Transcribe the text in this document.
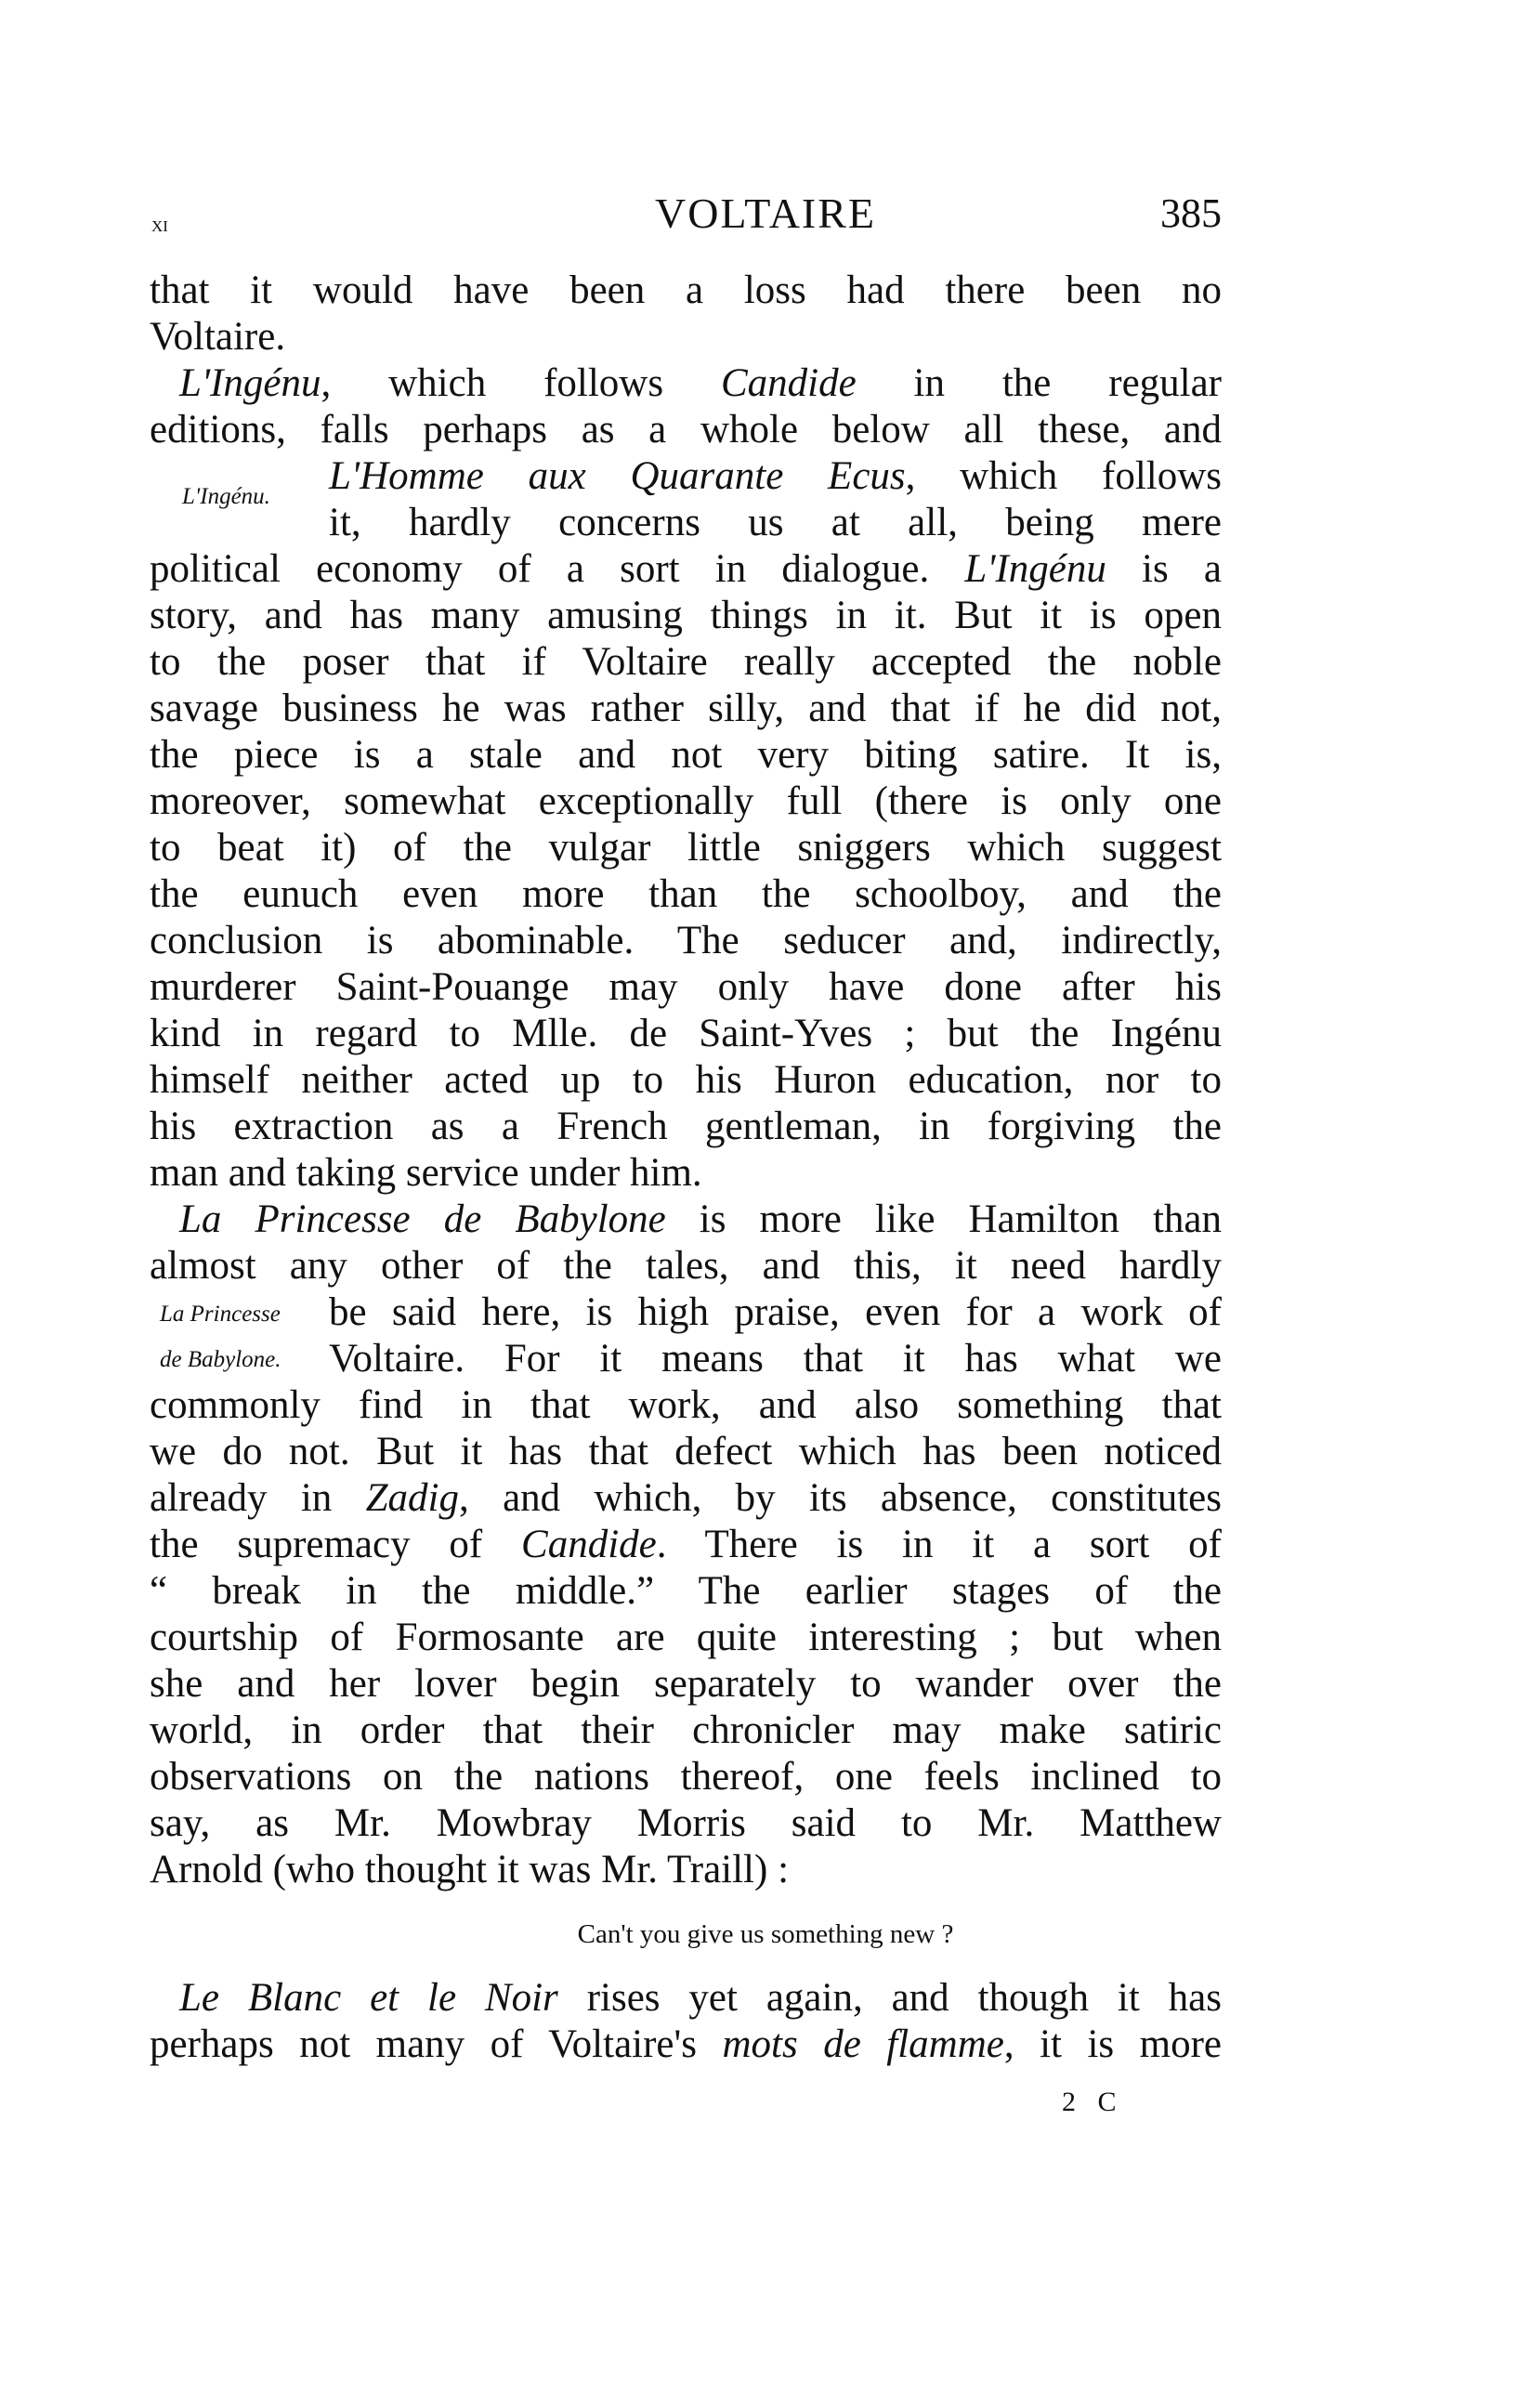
xi	VOLTAIRE	385
that it would have been a loss had there been no
Voltaire.
L'Ingénu, which follows Candide in the regular
editions, falls perhaps as a whole below all these, and
L'Homme aux Quarante Ecus, which follows
it, hardly concerns us at all, being mere
political economy of a sort in dialogue. L'Ingénu is a
story, and has many amusing things in it. But it is open
to the poser that if Voltaire really accepted the noble
savage business he was rather silly, and that if he did not,
the piece is a stale and not very biting satire. It is,
moreover, somewhat exceptionally full (there is only one
to beat it) of the vulgar little sniggers which suggest
the eunuch even more than the schoolboy, and the
conclusion is abominable. The seducer and, indirectly,
murderer Saint-Pouange may only have done after his
kind in regard to Mlle. de Saint-Yves ; but the Ingénu
himself neither acted up to his Huron education, nor to
his extraction as a French gentleman, in forgiving the
man and taking service under him.
La Princesse de Babylone is more like Hamilton than
almost any other of the tales, and this, it need hardly
be said here, is high praise, even for a work of
Voltaire. For it means that it has what we
commonly find in that work, and also something that
we do not. But it has that defect which has been noticed
already in Zadig, and which, by its absence, constitutes
the supremacy of Candide. There is in it a sort of
“ break in the middle.” The earlier stages of the
courtship of Formosante are quite interesting ; but when
she and her lover begin separately to wander over the
world, in order that their chronicler may make satiric
observations on the nations thereof, one feels inclined to
say, as Mr. Mowbray Morris said to Mr. Matthew
Arnold (who thought it was Mr. Traill) :
L'Ingénu.
La Princesse
de Babylone.
Can't you give us something new ?
Le Blanc et le Noir rises yet again, and though it has
perhaps not many of Voltaire's mots de flamme, it is more
2 C
